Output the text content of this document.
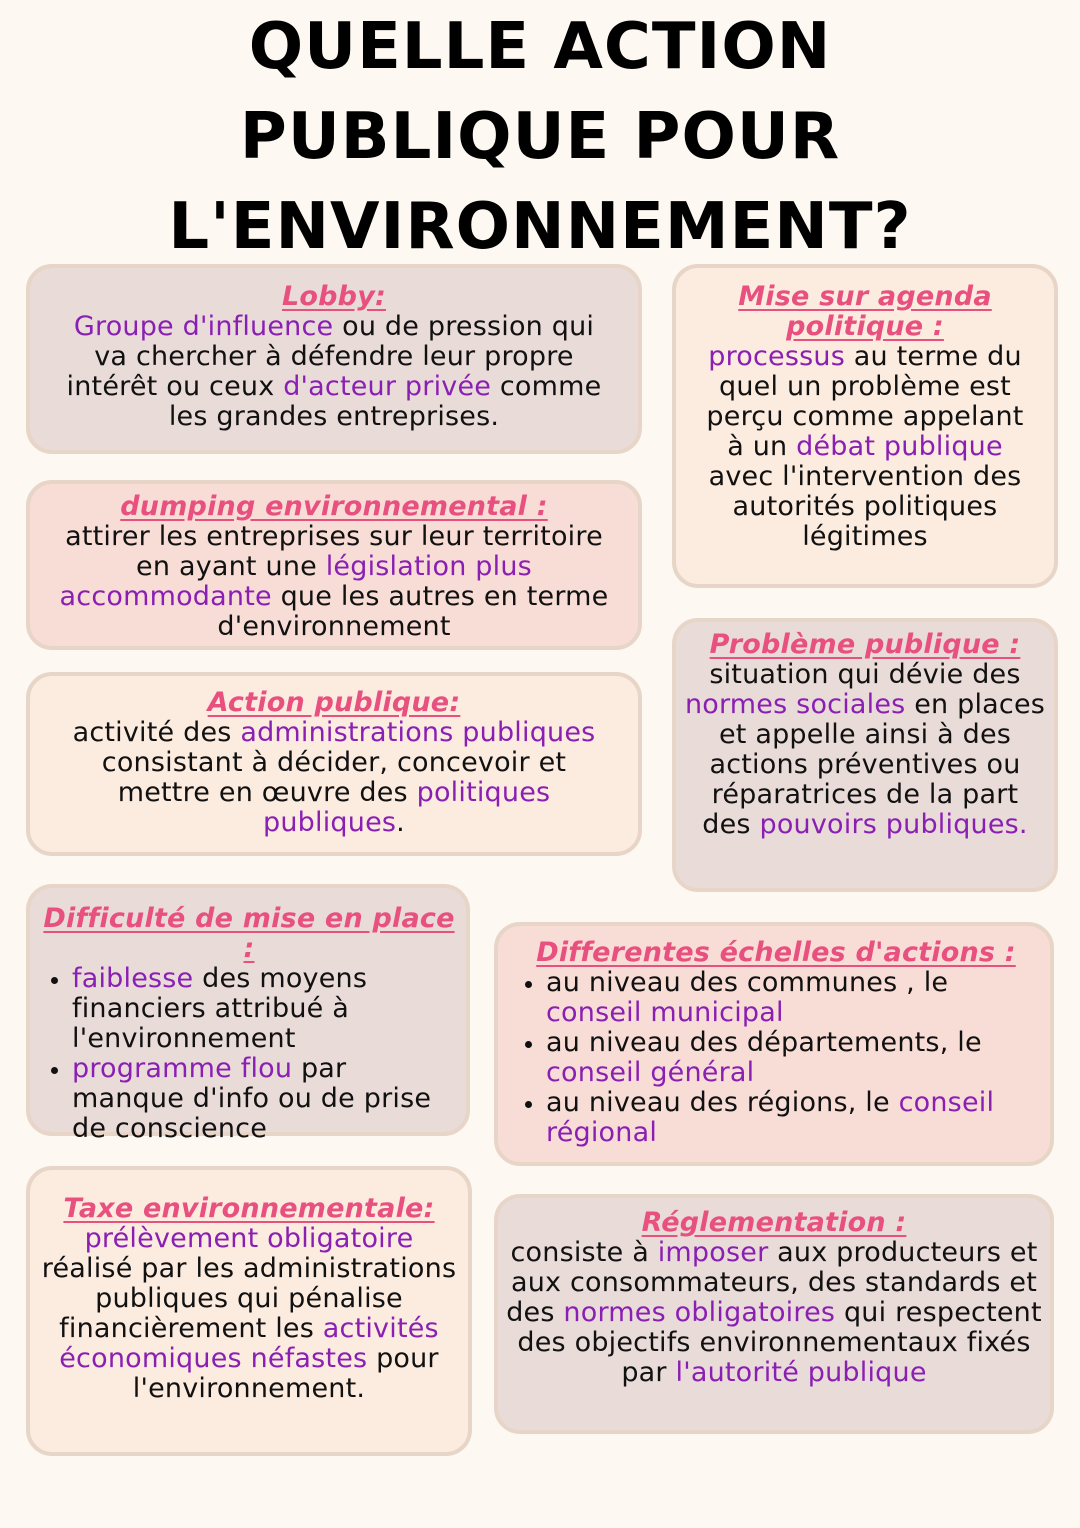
QUELLE ACTION
PUBLIQUE POUR
L'ENVIRONNEMENT?
Lobby:
Groupe d'influence ou de pression qui va chercher à défendre leur propre intérêt ou ceux d'acteur privée comme les grandes entreprises.
Mise sur agenda politique :
processus au terme du quel un problème est perçu comme appelant à un débat publique avec l'intervention des autorités politiques légitimes
dumping environnemental :
attirer les entreprises sur leur territoire en ayant une législation plus accommodante que les autres en terme d'environnement
Problème publique :
situation qui dévie des normes sociales en places et appelle ainsi à des actions préventives ou réparatrices de la part des pouvoirs publiques.
Action publique:
activité des administrations publiques consistant à décider, concevoir et mettre en œuvre des politiques publiques.
Difficulté de mise en place :
• faiblesse des moyens financiers attribué à l'environnement
• programme flou par manque d'info ou de prise de conscience
Differentes échelles d'actions :
• au niveau des communes , le conseil municipal
• au niveau des départements, le conseil général
• au niveau des régions, le conseil régional
Taxe environnementale:
prélèvement obligatoire réalisé par les administrations publiques qui pénalise financièrement les activités économiques néfastes pour l'environnement.
Réglementation :
consiste à imposer aux producteurs et aux consommateurs, des standards et des normes obligatoires qui respectent des objectifs environnementaux fixés par l'autorité publique
